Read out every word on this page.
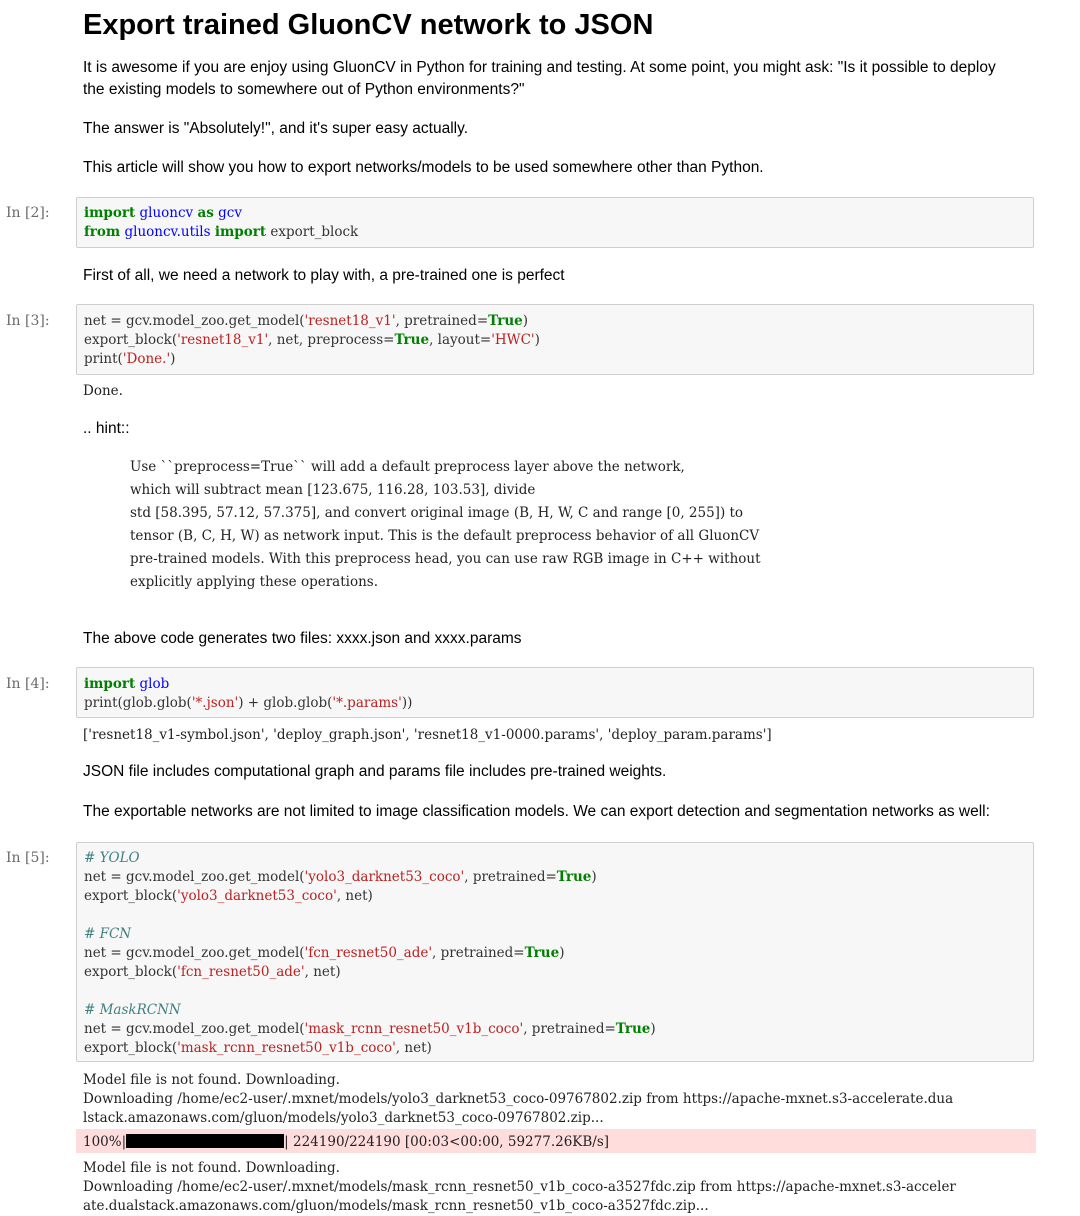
Export trained GluonCV network to JSON

It is awesome if you are enjoy using GluonCV in Python for training and testing. At some point, you might ask: "Is it possible to deploy
the existing models to somewhere out of Python environments?"

The answer is "Absolutely!", and it's super easy actually.

This article will show you how to export networks/models to be used somewhere other than Python.

In [2]:	import gluoncv as gcv
from gluoncv.utils import export_block

First of all, we need a network to play with, a pre-trained one is perfect

In [3]:	net = gcv.model_zoo.get_model('resnet18_v1', pretrained=True)
export_block('resnet18_v1', net, preprocess=True, layout='HWC')
print('Done.')
Done.

.. hint::

Use ``preprocess=True`` will add a default preprocess layer above the network,
which will subtract mean [123.675, 116.28, 103.53], divide
std [58.395, 57.12, 57.375], and convert original image (B, H, W, C and range [0, 255]) to
tensor (B, C, H, W) as network input. This is the default preprocess behavior of all GluonCV
pre-trained models. With this preprocess head, you can use raw RGB image in C++ without
explicitly applying these operations.

The above code generates two files: xxxx.json and xxxx.params

In [4]:	import glob
print(glob.glob('*.json') + glob.glob('*.params'))
['resnet18_v1-symbol.json', 'deploy_graph.json', 'resnet18_v1-0000.params', 'deploy_param.params']

JSON file includes computational graph and params file includes pre-trained weights.

The exportable networks are not limited to image classification models. We can export detection and segmentation networks as well:

In [5]:	# YOLO
net = gcv.model_zoo.get_model('yolo3_darknet53_coco', pretrained=True)
export_block('yolo3_darknet53_coco', net)

# FCN
net = gcv.model_zoo.get_model('fcn_resnet50_ade', pretrained=True)
export_block('fcn_resnet50_ade', net)

# MaskRCNN
net = gcv.model_zoo.get_model('mask_rcnn_resnet50_v1b_coco', pretrained=True)
export_block('mask_rcnn_resnet50_v1b_coco', net)
Model file is not found. Downloading.
Downloading /home/ec2-user/.mxnet/models/yolo3_darknet53_coco-09767802.zip from https://apache-mxnet.s3-accelerate.dua
lstack.amazonaws.com/gluon/models/yolo3_darknet53_coco-09767802.zip...
100%|	| 224190/224190 [00:03<00:00, 59277.26KB/s]
Model file is not found. Downloading.
Downloading /home/ec2-user/.mxnet/models/mask_rcnn_resnet50_v1b_coco-a3527fdc.zip from https://apache-mxnet.s3-acceler
ate.dualstack.amazonaws.com/gluon/models/mask_rcnn_resnet50_v1b_coco-a3527fdc.zip...
